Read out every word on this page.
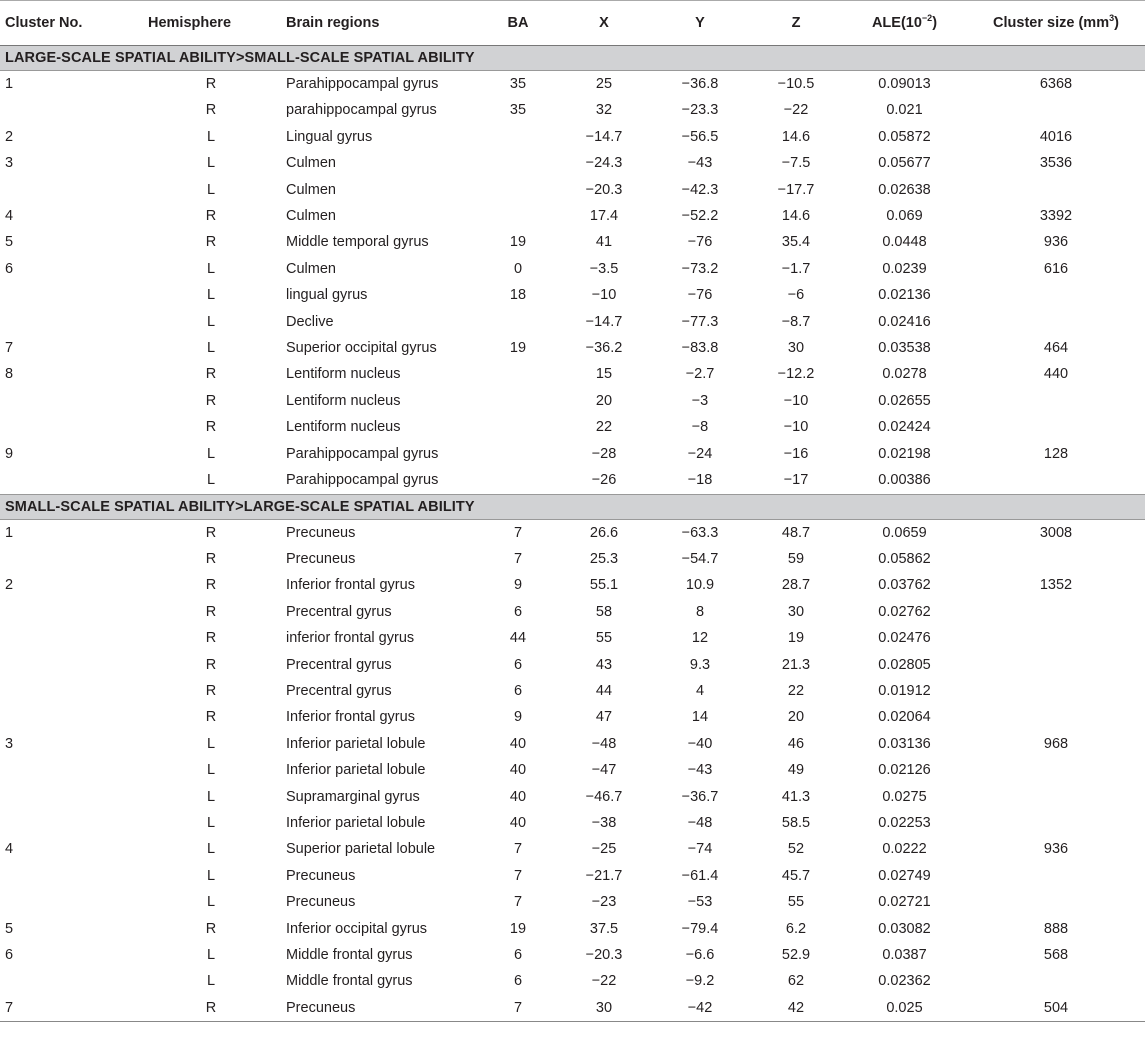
Cluster No.	Hemisphere	Brain regions	BA	X	Y	Z	$ALE(10^{-2})$	Cluster size $(mm^3)$
LARGE-SCALE SPATIAL ABILITY>SMALL-SCALE SPATIAL ABILITY								
1	R	Parahippocampal gyrus	35	25	−36.8	−10.5	0.09013	6368
	R	parahippocampal gyrus	35	32	−23.3	−22	0.021	
2	L	Lingual gyrus		−14.7	−56.5	14.6	0.05872	4016
3	L	Culmen		−24.3	−43	−7.5	0.05677	3536
	L	Culmen		−20.3	−42.3	−17.7	0.02638	
4	R	Culmen		17.4	−52.2	14.6	0.069	3392
5	R	Middle temporal gyrus	19	41	−76	35.4	0.0448	936
6	L	Culmen	0	−3.5	−73.2	−1.7	0.0239	616
	L	lingual gyrus	18	−10	−76	−6	0.02136	
	L	Declive		−14.7	−77.3	−8.7	0.02416	
7	L	Superior occipital gyrus	19	−36.2	−83.8	30	0.03538	464
8	R	Lentiform nucleus		15	−2.7	−12.2	0.0278	440
	R	Lentiform nucleus		20	−3	−10	0.02655	
	R	Lentiform nucleus		22	−8	−10	0.02424	
9	L	Parahippocampal gyrus		−28	−24	−16	0.02198	128
	L	Parahippocampal gyrus		−26	−18	−17	0.00386	
SMALL-SCALE SPATIAL ABILITY>LARGE-SCALE SPATIAL ABILITY								
1	R	Precuneus	7	26.6	−63.3	48.7	0.0659	3008
	R	Precuneus	7	25.3	−54.7	59	0.05862	
2	R	Inferior frontal gyrus	9	55.1	10.9	28.7	0.03762	1352
	R	Precentral gyrus	6	58	8	30	0.02762	
	R	inferior frontal gyrus	44	55	12	19	0.02476	
	R	Precentral gyrus	6	43	9.3	21.3	0.02805	
	R	Precentral gyrus	6	44	4	22	0.01912	
	R	Inferior frontal gyrus	9	47	14	20	0.02064	
3	L	Inferior parietal lobule	40	−48	−40	46	0.03136	968
	L	Inferior parietal lobule	40	−47	−43	49	0.02126	
	L	Supramarginal gyrus	40	−46.7	−36.7	41.3	0.0275	
	L	Inferior parietal lobule	40	−38	−48	58.5	0.02253	
4	L	Superior parietal lobule	7	−25	−74	52	0.0222	936
	L	Precuneus	7	−21.7	−61.4	45.7	0.02749	
	L	Precuneus	7	−23	−53	55	0.02721	
5	R	Inferior occipital gyrus	19	37.5	−79.4	6.2	0.03082	888
6	L	Middle frontal gyrus	6	−20.3	−6.6	52.9	0.0387	568
	L	Middle frontal gyrus	6	−22	−9.2	62	0.02362	
7	R	Precuneus	7	30	−42	42	0.025	504
